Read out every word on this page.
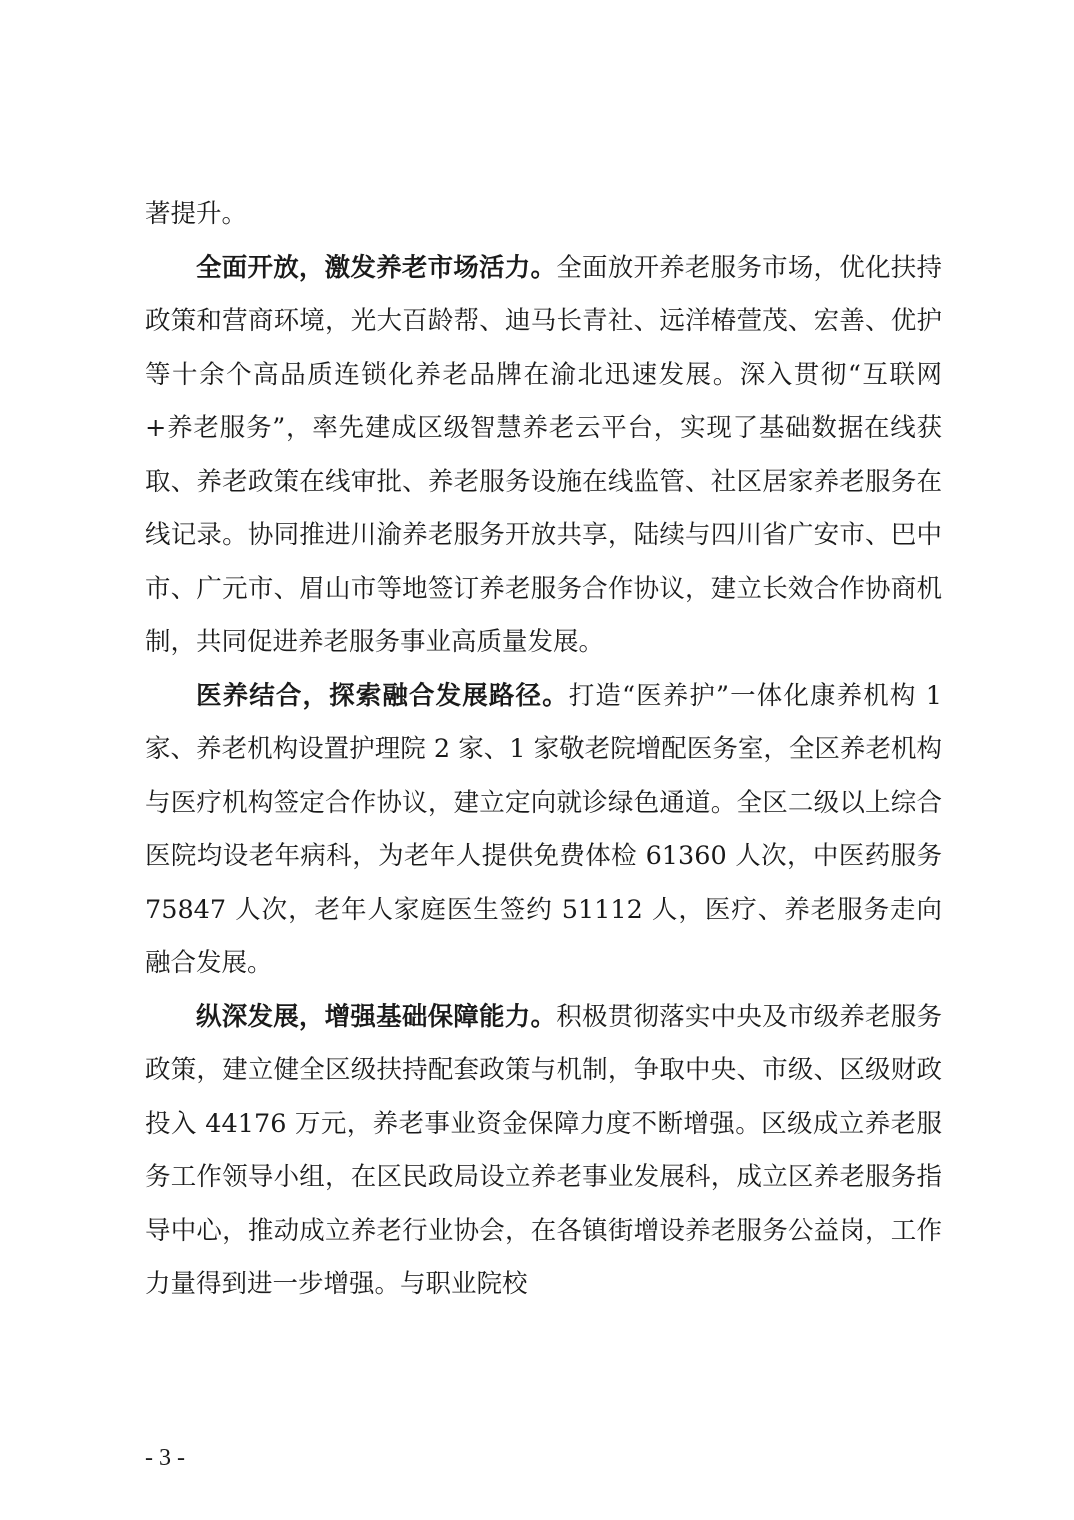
著提升。

全面开放，激发养老市场活力。全面放开养老服务市场，优化扶持政策和营商环境，光大百龄帮、迪马长青社、远洋椿萱茂、宏善、优护等十余个高品质连锁化养老品牌在渝北迅速发展。深入贯彻“互联网+养老服务”，率先建成区级智慧养老云平台，实现了基础数据在线获取、养老政策在线审批、养老服务设施在线监管、社区居家养老服务在线记录。协同推进川渝养老服务开放共享，陆续与四川省广安市、巴中市、广元市、眉山市等地签订养老服务合作协议，建立长效合作协商机制，共同促进养老服务事业高质量发展。

医养结合，探索融合发展路径。打造“医养护”一体化康养机构 1 家、养老机构设置护理院 2 家、1 家敬老院增配医务室，全区养老机构与医疗机构签定合作协议，建立定向就诊绿色通道。全区二级以上综合医院均设老年病科，为老年人提供免费体检 61360 人次，中医药服务 75847 人次，老年人家庭医生签约 51112 人，医疗、养老服务走向融合发展。

纵深发展，增强基础保障能力。积极贯彻落实中央及市级养老服务政策，建立健全区级扶持配套政策与机制，争取中央、市级、区级财政投入 44176 万元，养老事业资金保障力度不断增强。区级成立养老服务工作领导小组，在区民政局设立养老事业发展科，成立区养老服务指导中心，推动成立养老行业协会，在各镇街增设养老服务公益岗，工作力量得到进一步增强。与职业院校

- 3 -
